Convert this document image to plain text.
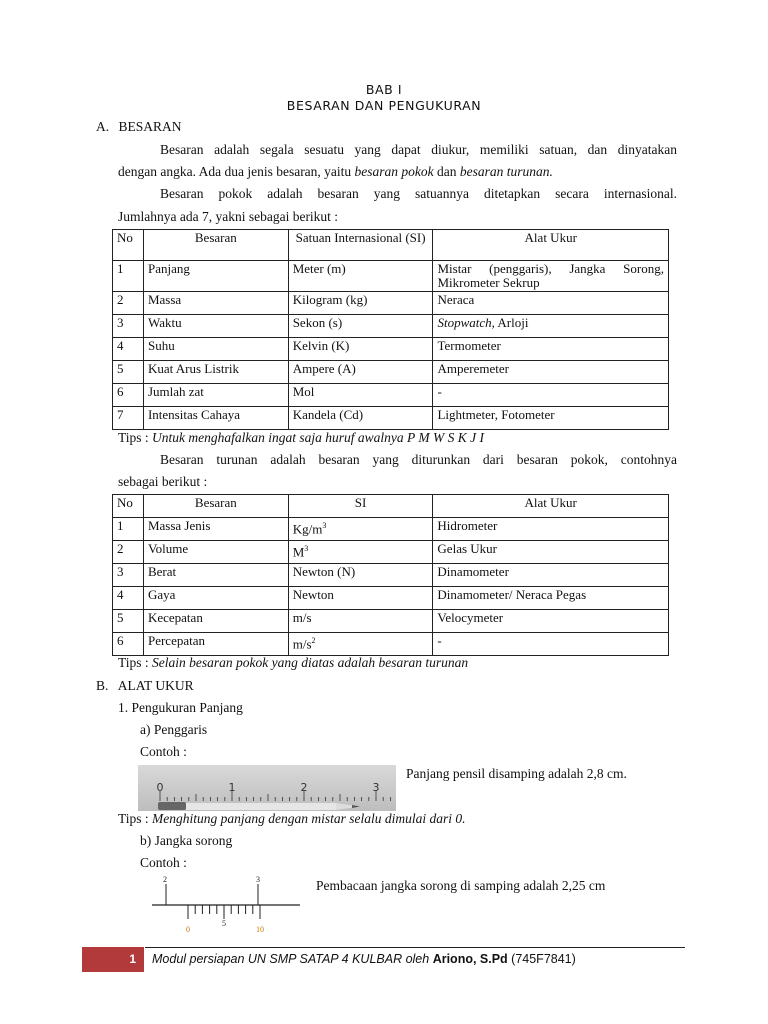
BAB I
BESARAN DAN PENGUKURAN
A. BESARAN
Besaran adalah segala sesuatu yang dapat diukur, memiliki satuan, dan dinyatakan
dengan angka. Ada dua jenis besaran, yaitu besaran pokok dan besaran turunan.
Besaran pokok adalah besaran yang satuannya ditetapkan secara internasional.
Jumlahnya ada 7, yakni sebagai berikut :
No	Besaran	Satuan Internasional (SI)	Alat Ukur
1	Panjang	Meter (m)	Mistar (penggaris), Jangka Sorong, Mikrometer Sekrup
2	Massa	Kilogram (kg)	Neraca
3	Waktu	Sekon (s)	Stopwatch, Arloji
4	Suhu	Kelvin (K)	Termometer
5	Kuat Arus Listrik	Ampere (A)	Amperemeter
6	Jumlah zat	Mol	-
7	Intensitas Cahaya	Kandela (Cd)	Lightmeter, Fotometer
Tips : Untuk menghafalkan ingat saja huruf awalnya P M W S K J I
Besaran turunan adalah besaran yang diturunkan dari besaran pokok, contohnya
sebagai berikut :
No	Besaran	SI	Alat Ukur
1	Massa Jenis	$Kg/m^3$	Hidrometer
2	Volume	$M^3$	Gelas Ukur
3	Berat	Newton (N)	Dinamometer
4	Gaya	Newton	Dinamometer/ Neraca Pegas
5	Kecepatan	m/s	Velocymeter
6	Percepatan	$m/s^2$	-
Tips : Selain besaran pokok yang diatas adalah besaran turunan
B. ALAT UKUR
1. Pengukuran Panjang
a) Penggaris
Contoh :
0	1	2	3
Panjang pensil disamping adalah 2,8 cm.
Tips : Menghitung panjang dengan mistar selalu dimulai dari 0.
b) Jangka sorong
Contoh :
2	3
0
5
10
Pembacaan jangka sorong di samping adalah 2,25 cm
1	Modul persiapan UN SMP SATAP 4 KULBAR oleh Ariono, S.Pd (745F7841)
